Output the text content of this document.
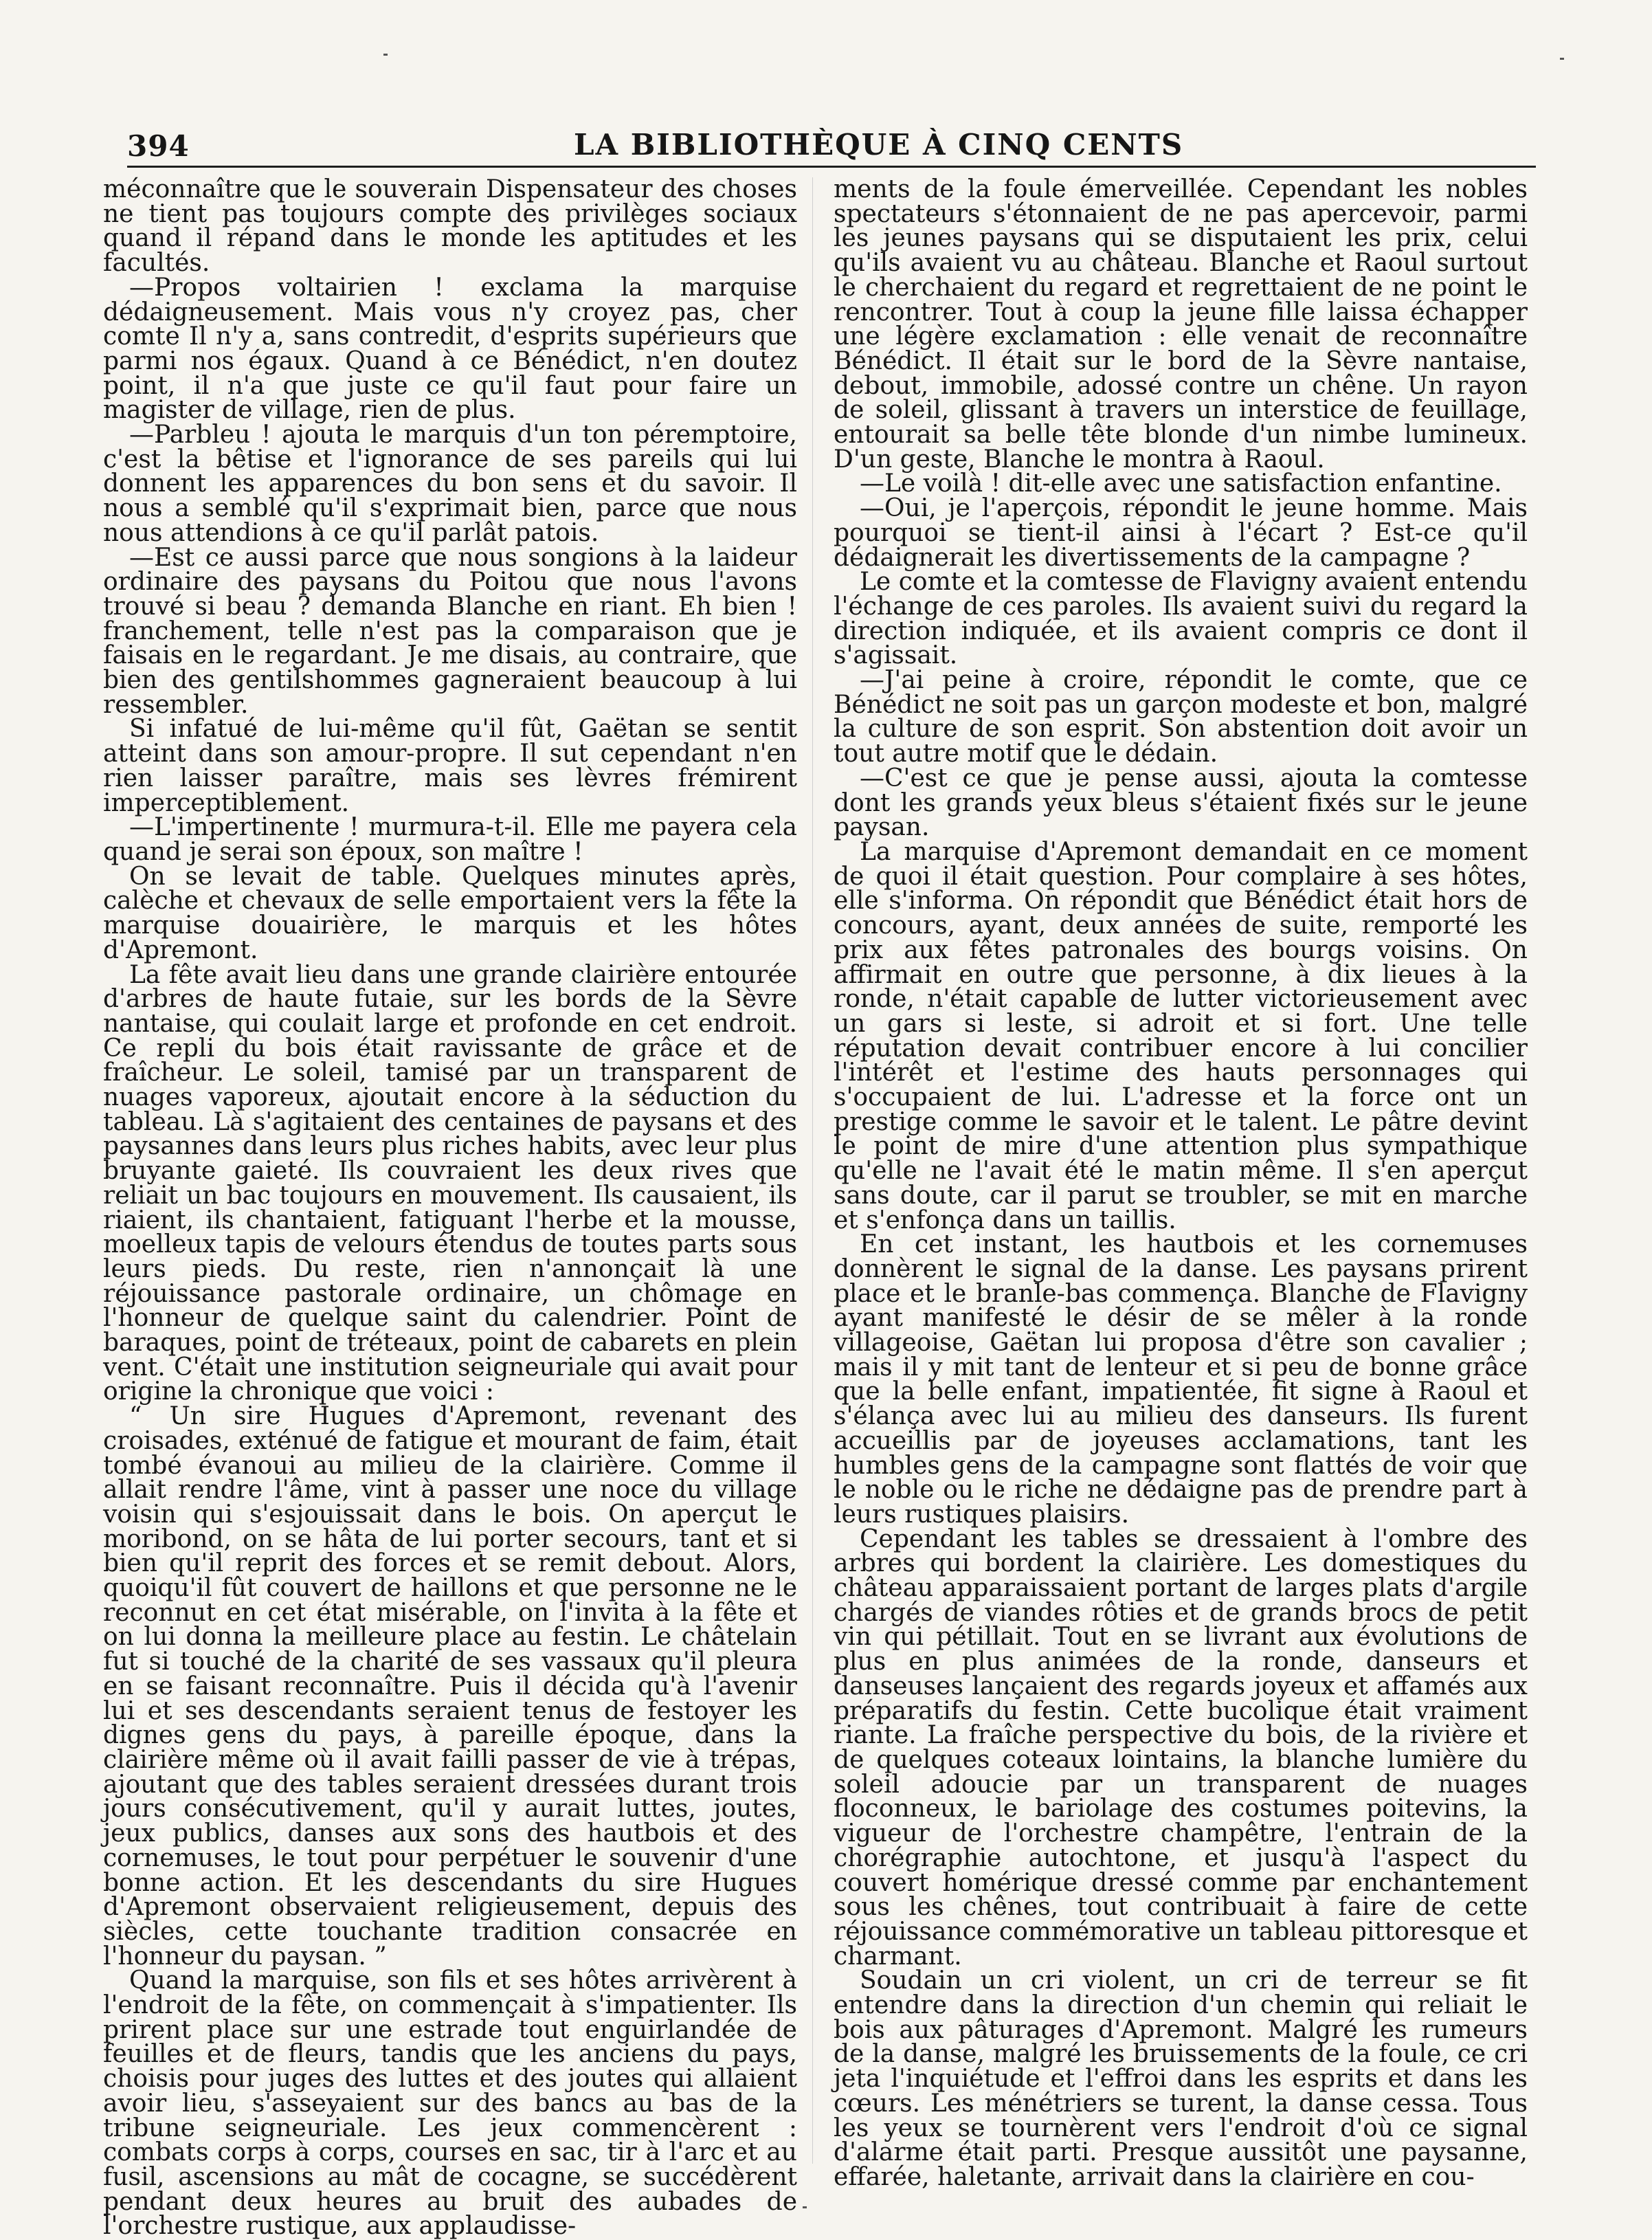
394	LA BIBLIOTHÈQUE À CINQ CENTS

méconnaître que le souverain Dispensateur des choses ne tient pas toujours compte des privilèges sociaux quand il répand dans le monde les aptitudes et les facultés.

—Propos voltairien ! exclama la marquise dédaigneusement. Mais vous n'y croyez pas, cher comte Il n'y a, sans contredit, d'esprits supérieurs que parmi nos égaux. Quand à ce Bénédict, n'en doutez point, il n'a que juste ce qu'il faut pour faire un magister de village, rien de plus.

—Parbleu ! ajouta le marquis d'un ton péremptoire, c'est la bêtise et l'ignorance de ses pareils qui lui donnent les apparences du bon sens et du savoir. Il nous a semblé qu'il s'exprimait bien, parce que nous nous attendions à ce qu'il parlât patois.

—Est ce aussi parce que nous songions à la laideur ordinaire des paysans du Poitou que nous l'avons trouvé si beau ? demanda Blanche en riant. Eh bien ! franchement, telle n'est pas la comparaison que je faisais en le regardant. Je me disais, au contraire, que bien des gentilshommes gagneraient beaucoup à lui ressembler.

Si infatué de lui-même qu'il fût, Gaëtan se sentit atteint dans son amour-propre. Il sut cependant n'en rien laisser paraître, mais ses lèvres frémirent imperceptiblement.

—L'impertinente ! murmura-t-il. Elle me payera cela quand je serai son époux, son maître !

On se levait de table. Quelques minutes après, calèche et chevaux de selle emportaient vers la fête la marquise douairière, le marquis et les hôtes d'Apremont.

La fête avait lieu dans une grande clairière entourée d'arbres de haute futaie, sur les bords de la Sèvre nantaise, qui coulait large et profonde en cet endroit. Ce repli du bois était ravissante de grâce et de fraîcheur. Le soleil, tamisé par un transparent de nuages vaporeux, ajoutait encore à la séduction du tableau. Là s'agitaient des centaines de paysans et des paysannes dans leurs plus riches habits, avec leur plus bruyante gaieté. Ils couvraient les deux rives que reliait un bac toujours en mouvement. Ils causaient, ils riaient, ils chantaient, fatiguant l'herbe et la mousse, moelleux tapis de velours étendus de toutes parts sous leurs pieds. Du reste, rien n'annonçait là une réjouissance pastorale ordinaire, un chômage en l'honneur de quelque saint du calendrier. Point de baraques, point de tréteaux, point de cabarets en plein vent. C'était une institution seigneuriale qui avait pour origine la chronique que voici :

“ Un sire Hugues d'Apremont, revenant des croisades, exténué de fatigue et mourant de faim, était tombé évanoui au milieu de la clairière. Comme il allait rendre l'âme, vint à passer une noce du village voisin qui s'esjouissait dans le bois. On aperçut le moribond, on se hâta de lui porter secours, tant et si bien qu'il reprit des forces et se remit debout. Alors, quoiqu'il fût couvert de haillons et que personne ne le reconnut en cet état misérable, on l'invita à la fête et on lui donna la meilleure place au festin. Le châtelain fut si touché de la charité de ses vassaux qu'il pleura en se faisant reconnaître. Puis il décida qu'à l'avenir lui et ses descendants seraient tenus de festoyer les dignes gens du pays, à pareille époque, dans la clairière même où il avait failli passer de vie à trépas, ajoutant que des tables seraient dressées durant trois jours consécutivement, qu'il y aurait luttes, joutes, jeux publics, danses aux sons des hautbois et des cornemuses, le tout pour perpétuer le souvenir d'une bonne action. Et les descendants du sire Hugues d'Apremont observaient religieusement, depuis des siècles, cette touchante tradition consacrée en l'honneur du paysan. ”

Quand la marquise, son fils et ses hôtes arrivèrent à l'endroit de la fête, on commençait à s'impatienter. Ils prirent place sur une estrade tout enguirlandée de feuilles et de fleurs, tandis que les anciens du pays, choisis pour juges des luttes et des joutes qui allaient avoir lieu, s'asseyaient sur des bancs au bas de la tribune seigneuriale. Les jeux commencèrent : combats corps à corps, courses en sac, tir à l'arc et au fusil, ascensions au mât de cocagne, se succédèrent pendant deux heures au bruit des aubades de l'orchestre rustique, aux applaudisse-

ments de la foule émerveillée. Cependant les nobles spectateurs s'étonnaient de ne pas apercevoir, parmi les jeunes paysans qui se disputaient les prix, celui qu'ils avaient vu au château. Blanche et Raoul surtout le cherchaient du regard et regrettaient de ne point le rencontrer. Tout à coup la jeune fille laissa échapper une légère exclamation : elle venait de reconnaître Bénédict. Il était sur le bord de la Sèvre nantaise, debout, immobile, adossé contre un chêne. Un rayon de soleil, glissant à travers un interstice de feuillage, entourait sa belle tête blonde d'un nimbe lumineux. D'un geste, Blanche le montra à Raoul.

—Le voilà ! dit-elle avec une satisfaction enfantine.

—Oui, je l'aperçois, répondit le jeune homme. Mais pourquoi se tient-il ainsi à l'écart ? Est-ce qu'il dédaignerait les divertissements de la campagne ?

Le comte et la comtesse de Flavigny avaient entendu l'échange de ces paroles. Ils avaient suivi du regard la direction indiquée, et ils avaient compris ce dont il s'agissait.

—J'ai peine à croire, répondit le comte, que ce Bénédict ne soit pas un garçon modeste et bon, malgré la culture de son esprit. Son abstention doit avoir un tout autre motif que le dédain.

—C'est ce que je pense aussi, ajouta la comtesse dont les grands yeux bleus s'étaient fixés sur le jeune paysan.

La marquise d'Apremont demandait en ce moment de quoi il était question. Pour complaire à ses hôtes, elle s'informa. On répondit que Bénédict était hors de concours, ayant, deux années de suite, remporté les prix aux fêtes patronales des bourgs voisins. On affirmait en outre que personne, à dix lieues à la ronde, n'était capable de lutter victorieusement avec un gars si leste, si adroit et si fort. Une telle réputation devait contribuer encore à lui concilier l'intérêt et l'estime des hauts personnages qui s'occupaient de lui. L'adresse et la force ont un prestige comme le savoir et le talent. Le pâtre devint le point de mire d'une attention plus sympathique qu'elle ne l'avait été le matin même. Il s'en aperçut sans doute, car il parut se troubler, se mit en marche et s'enfonça dans un taillis.

En cet instant, les hautbois et les cornemuses donnèrent le signal de la danse. Les paysans prirent place et le branle-bas commença. Blanche de Flavigny ayant manifesté le désir de se mêler à la ronde villageoise, Gaëtan lui proposa d'être son cavalier ; mais il y mit tant de lenteur et si peu de bonne grâce que la belle enfant, impatientée, fit signe à Raoul et s'élança avec lui au milieu des danseurs. Ils furent accueillis par de joyeuses acclamations, tant les humbles gens de la campagne sont flattés de voir que le noble ou le riche ne dédaigne pas de prendre part à leurs rustiques plaisirs.

Cependant les tables se dressaient à l'ombre des arbres qui bordent la clairière. Les domestiques du château apparaissaient portant de larges plats d'argile chargés de viandes rôties et de grands brocs de petit vin qui pétillait. Tout en se livrant aux évolutions de plus en plus animées de la ronde, danseurs et danseuses lançaient des regards joyeux et affamés aux préparatifs du festin. Cette bucolique était vraiment riante. La fraîche perspective du bois, de la rivière et de quelques coteaux lointains, la blanche lumière du soleil adoucie par un transparent de nuages floconneux, le bariolage des costumes poitevins, la vigueur de l'orchestre champêtre, l'entrain de la chorégraphie autochtone, et jusqu'à l'aspect du couvert homérique dressé comme par enchantement sous les chênes, tout contribuait à faire de cette réjouissance commémorative un tableau pittoresque et charmant.

Soudain un cri violent, un cri de terreur se fit entendre dans la direction d'un chemin qui reliait le bois aux pâturages d'Apremont. Malgré les rumeurs de la danse, malgré les bruissements de la foule, ce cri jeta l'inquiétude et l'effroi dans les esprits et dans les cœurs. Les ménétriers se turent, la danse cessa. Tous les yeux se tournèrent vers l'endroit d'où ce signal d'alarme était parti. Presque aussitôt une paysanne, effarée, haletante, arrivait dans la clairière en cou-
